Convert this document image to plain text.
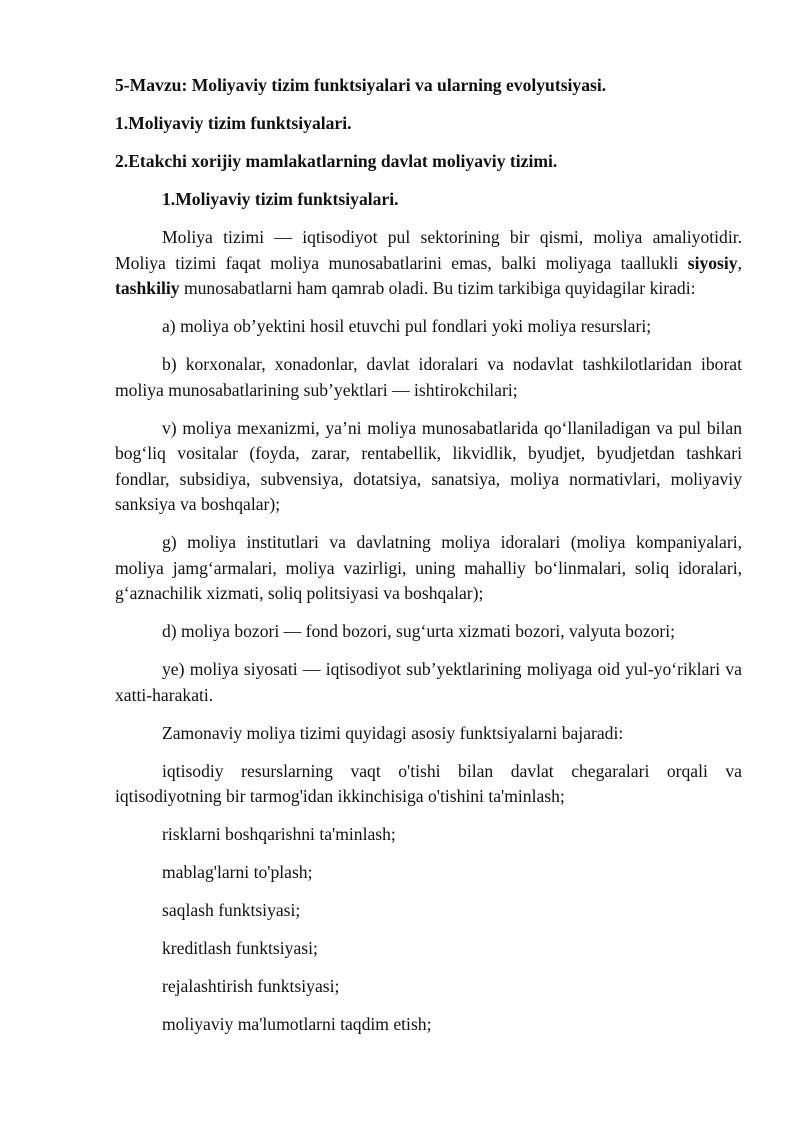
5-Mavzu: Moliyaviy tizim funktsiyalari va ularning evolyutsiyasi.

1.Moliyaviy tizim funktsiyalari.

2.Etakchi xorijiy mamlakatlarning davlat moliyaviy tizimi.

1.Moliyaviy tizim funktsiyalari.

Moliya tizimi — iqtisodiyot pul sektorining bir qismi, moliya amaliyotidir. Moliya tizimi faqat moliya munosabatlarini emas, balki moliyaga taallukli siyosiy, tashkiliy munosabatlarni ham qamrab oladi. Bu tizim tarkibiga quyidagilar kiradi:

a) moliya ob’yektini hosil etuvchi pul fondlari yoki moliya resurslari;

b) korxonalar, xonadonlar, davlat idoralari va nodavlat tashkilotlaridan iborat moliya munosabatlarining sub’yektlari — ishtirokchilari;

v) moliya mexanizmi, ya’ni moliya munosabatlarida qo‘llaniladigan va pul bilan bog‘liq vositalar (foyda, zarar, rentabellik, likvidlik, byudjet, byudjetdan tashkari fondlar, subsidiya, subvensiya, dotatsiya, sanatsiya, moliya normativlari, moliyaviy sanksiya va boshqalar);

g) moliya institutlari va davlatning moliya idoralari (moliya kompaniyalari, moliya jamg‘armalari, moliya vazirligi, uning mahalliy bo‘linmalari, soliq idoralari, g‘aznachilik xizmati, soliq politsiyasi va boshqalar);

d) moliya bozori — fond bozori, sug‘urta xizmati bozori, valyuta bozori;

ye) moliya siyosati — iqtisodiyot sub’yektlarining moliyaga oid yul-yo‘riklari va xatti-harakati.

Zamonaviy moliya tizimi quyidagi asosiy funktsiyalarni bajaradi:

iqtisodiy resurslarning vaqt o'tishi bilan davlat chegaralari orqali va iqtisodiyotning bir tarmog'idan ikkinchisiga o'tishini ta'minlash;

risklarni boshqarishni ta'minlash;

mablag'larni to'plash;

saqlash funktsiyasi;

kreditlash funktsiyasi;

rejalashtirish funktsiyasi;

moliyaviy ma'lumotlarni taqdim etish;
